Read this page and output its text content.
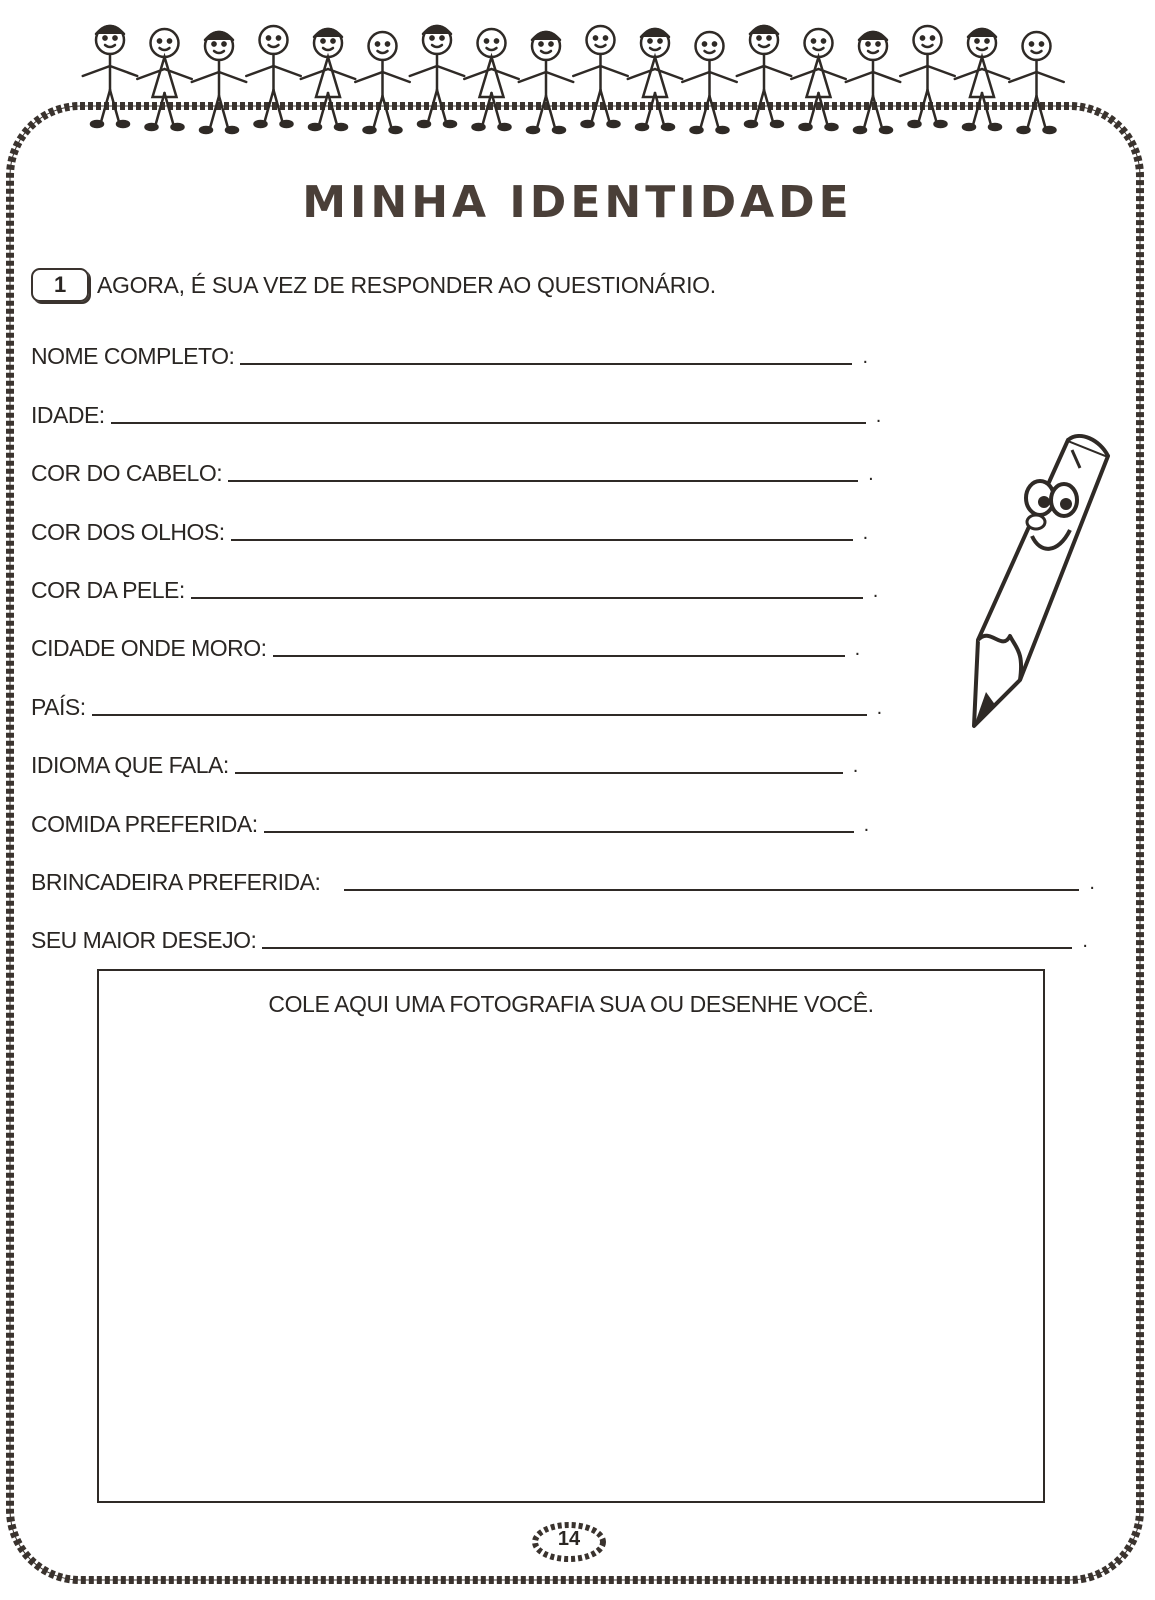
MINHA IDENTIDADE
1	AGORA, É SUA VEZ DE RESPONDER AO QUESTIONÁRIO.
NOME COMPLETO:	.
IDADE:	.
COR DO CABELO:	.
COR DOS OLHOS:	.
COR DA PELE:	.
CIDADE ONDE MORO:	.
PAÍS:	.
IDIOMA QUE FALA:	.
COMIDA PREFERIDA:	.
BRINCADEIRA PREFERIDA:	.
SEU MAIOR DESEJO:	.
COLE AQUI UMA FOTOGRAFIA SUA OU DESENHE VOCÊ.
14
